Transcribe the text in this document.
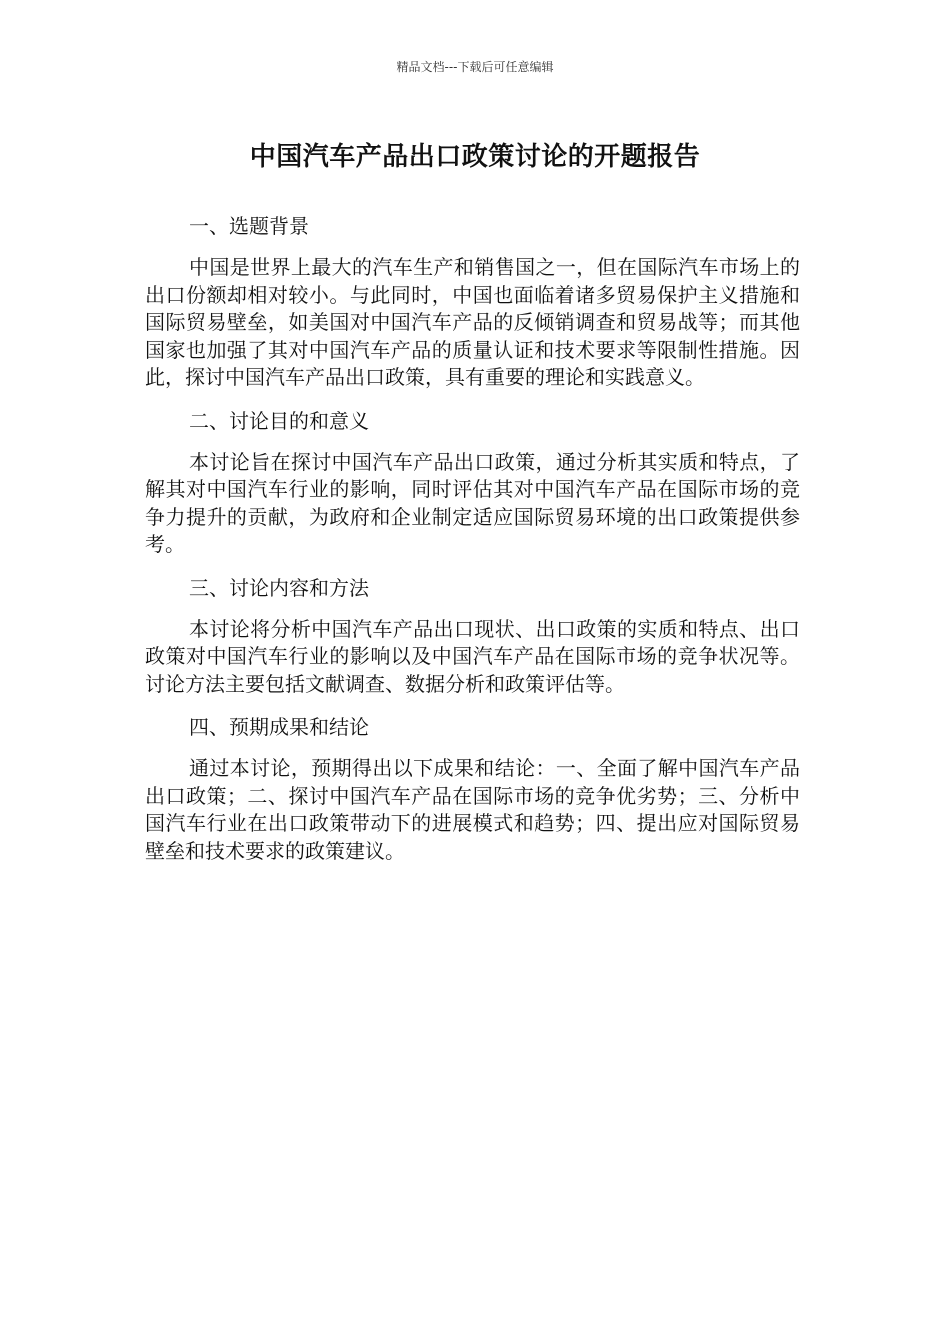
精品文档---下载后可任意编辑
中国汽车产品出口政策讨论的开题报告
一、选题背景
中国是世界上最大的汽车生产和销售国之一，但在国际汽车市场上的出口份额却相对较小。与此同时，中国也面临着诸多贸易保护主义措施和国际贸易壁垒，如美国对中国汽车产品的反倾销调查和贸易战等；而其他国家也加强了其对中国汽车产品的质量认证和技术要求等限制性措施。因此，探讨中国汽车产品出口政策，具有重要的理论和实践意义。
二、讨论目的和意义
本讨论旨在探讨中国汽车产品出口政策，通过分析其实质和特点，了解其对中国汽车行业的影响，同时评估其对中国汽车产品在国际市场的竞争力提升的贡献，为政府和企业制定适应国际贸易环境的出口政策提供参考。
三、讨论内容和方法
本讨论将分析中国汽车产品出口现状、出口政策的实质和特点、出口政策对中国汽车行业的影响以及中国汽车产品在国际市场的竞争状况等。讨论方法主要包括文献调查、数据分析和政策评估等。
四、预期成果和结论
通过本讨论，预期得出以下成果和结论：一、全面了解中国汽车产品出口政策；二、探讨中国汽车产品在国际市场的竞争优劣势；三、分析中国汽车行业在出口政策带动下的进展模式和趋势；四、提出应对国际贸易壁垒和技术要求的政策建议。
